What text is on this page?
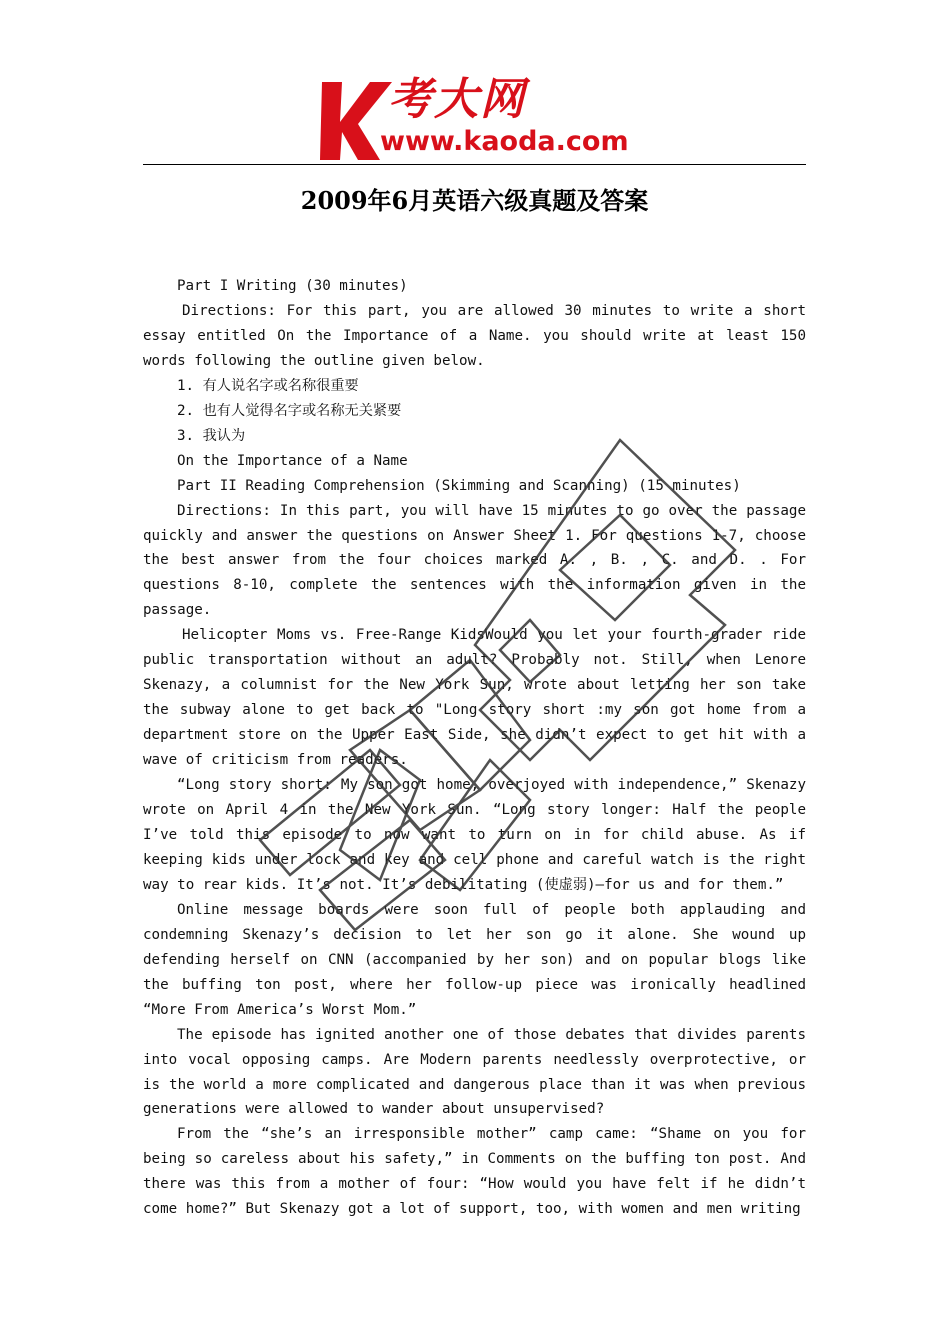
考大网
www.kaoda.com
2009年6月英语六级真题及答案

Part I Writing (30 minutes)

Directions: For this part, you are allowed 30 minutes to write a short essay entitled On the Importance of a Name. you should write at least 150 words following the outline given below.

1. 有人说名字或名称很重要

2. 也有人觉得名字或名称无关紧要

3. 我认为

On the Importance of a Name

Part II Reading Comprehension (Skimming and Scanning) (15 minutes)

Directions: In this part, you will have 15 minutes to go over the passage quickly and answer the questions on Answer Sheet 1. For questions 1-7, choose the best answer from the four choices marked A. , B. , C. and D. . For questions 8-10, complete the sentences with the information given in the passage.

Helicopter Moms vs. Free-Range KidsWould you let your fourth-grader ride public transportation without an adult? Probably not. Still, when Lenore Skenazy, a columnist for the New York Sun, wrote about letting her son take the subway alone to get back to "Long story short :my son got home from a department store on the Upper East Side, she didn’t expect to get hit with a wave of criticism from readers.

“Long story short: My son got home, overjoyed with independence,” Skenazy wrote on April 4 in the New York Sun. “Long story longer: Half the people I’ve told this episode to now want to turn on in for child abuse. As if keeping kids under lock and key and cell phone and careful watch is the right way to rear kids. It’s not. It’s debilitating (使虚弱)—for us and for them.”

Online message boards were soon full of people both applauding and condemning Skenazy’s decision to let her son go it alone. She wound up defending herself on CNN (accompanied by her son) and on popular blogs like the buffing ton post, where her follow-up piece was ironically headlined “More From America’s Worst Mom.”

The episode has ignited another one of those debates that divides parents into vocal opposing camps. Are Modern parents needlessly overprotective, or is the world a more complicated and dangerous place than it was when previous generations were allowed to wander about unsupervised?

From the “she’s an irresponsible mother” camp came: “Shame on you for being so careless about his safety,” in Comments on the buffing ton post. And there was this from a mother of four: “How would you have felt if he didn’t come home?” But Skenazy got a lot of support, too, with women and men writing
